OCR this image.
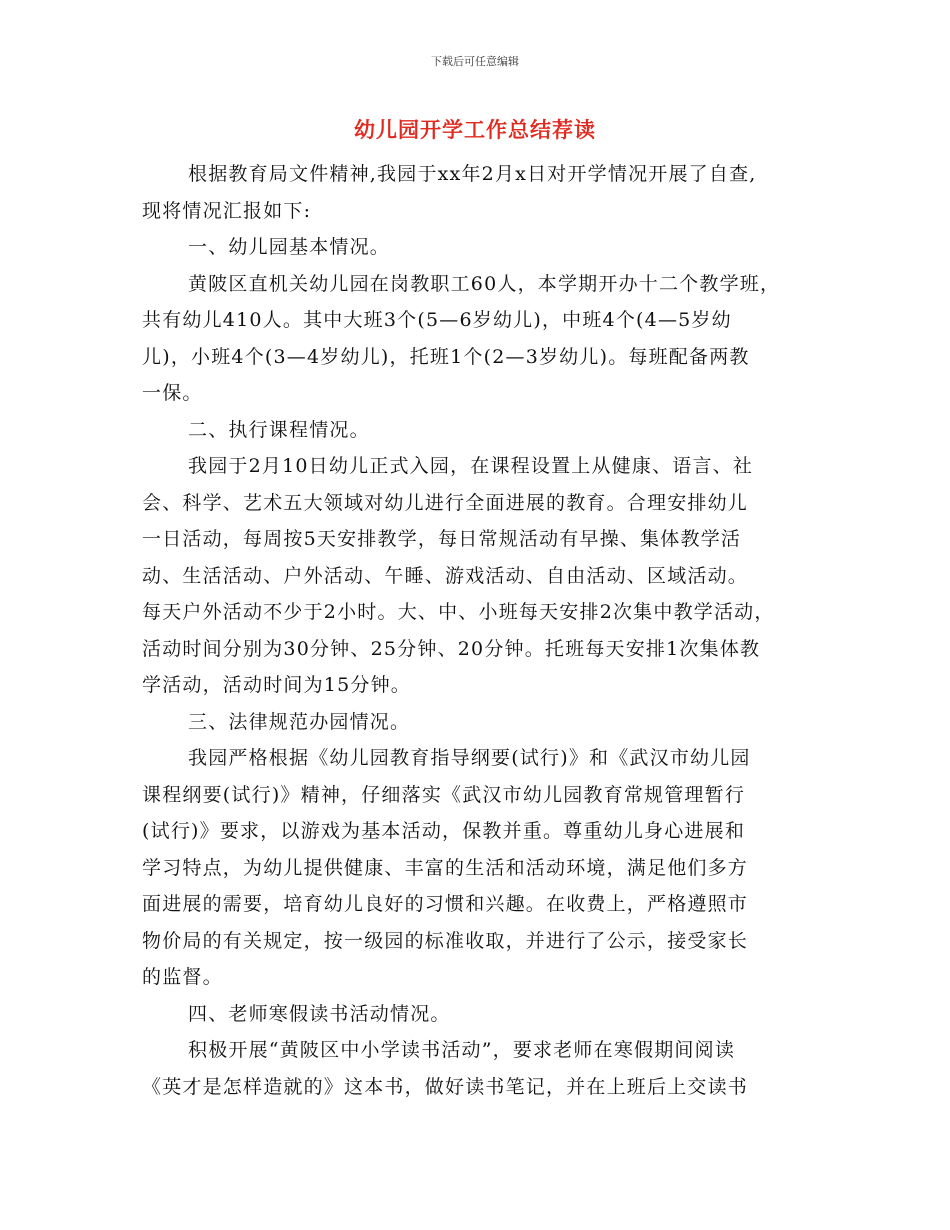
下载后可任意编辑
幼儿园开学工作总结荐读
根据教育局文件精神,我园于xx年2月x日对开学情况开展了自查,
现将情况汇报如下:
一、幼儿园基本情况。
黄陂区直机关幼儿园在岗教职工60人，本学期开办十二个教学班，
共有幼儿410人。其中大班3个(5—6岁幼儿)，中班4个(4—5岁幼
儿)，小班4个(3—4岁幼儿)，托班1个(2—3岁幼儿)。每班配备两教
一保。
二、执行课程情况。
我园于2月10日幼儿正式入园，在课程设置上从健康、语言、社
会、科学、艺术五大领域对幼儿进行全面进展的教育。合理安排幼儿
一日活动，每周按5天安排教学，每日常规活动有早操、集体教学活
动、生活活动、户外活动、午睡、游戏活动、自由活动、区域活动。
每天户外活动不少于2小时。大、中、小班每天安排2次集中教学活动，
活动时间分别为30分钟、25分钟、20分钟。托班每天安排1次集体教
学活动，活动时间为15分钟。
三、法律规范办园情况。
我园严格根据《幼儿园教育指导纲要(试行)》和《武汉市幼儿园
课程纲要(试行)》精神，仔细落实《武汉市幼儿园教育常规管理暂行
(试行)》要求，以游戏为基本活动，保教并重。尊重幼儿身心进展和
学习特点，为幼儿提供健康、丰富的生活和活动环境，满足他们多方
面进展的需要，培育幼儿良好的习惯和兴趣。在收费上，严格遵照市
物价局的有关规定，按一级园的标准收取，并进行了公示，接受家长
的监督。
四、老师寒假读书活动情况。
积极开展“黄陂区中小学读书活动”，要求老师在寒假期间阅读
《英才是怎样造就的》这本书，做好读书笔记，并在上班后上交读书
